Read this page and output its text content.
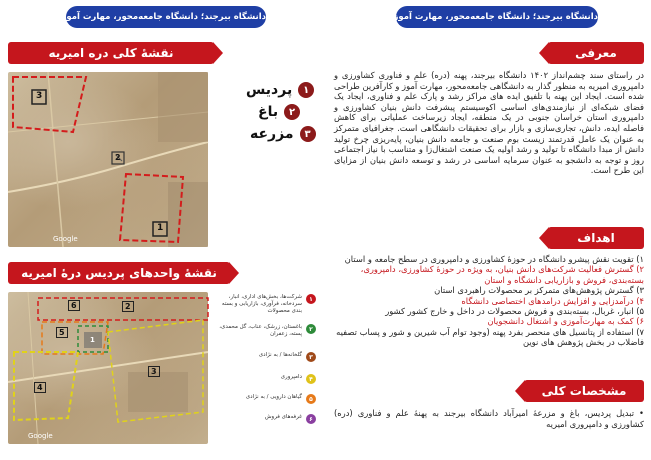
دانشگاه بیرجند؛ دانشگاه جامعه‌محور، مهارت آموز و کارآفرین	دانشگاه بیرجند؛ دانشگاه جامعه‌محور، مهارت آموز و کارآفرین
نقشۀ کلی دره امیریه
3
2
1
Google
۱
پردیس
۲
باغ
۳
مزرعه
نقشۀ واحدهای پردیس درۀ امیریه
6	2
5
1
3
4
Google
۱
شرکت‌ها، بخش‌های اداری، انبار، سردخانه، فرآوری، بازاریابی و بسته بندی محصولات
۲
باغستان، زرشک، عناب، گل محمدی، پسته، زعفران
۳
گلخانه‌ها / به نژادی
۴
دامپروری
۵
گیاهان دارویی / به نژادی
۶
غرفه‌های فروش
معرفی
در راستای سند چشم‌انداز ۱۴۰۲ دانشگاه بیرجند، پهنه (دره) علم و فناوری کشاورزی و دامپروری امیریه به منظور گذار به دانشگاهی جامعه‌محور، مهارت آموز و کارآفرین طراحی شده است. ایجاد این پهنه با تلفیق ایده های مراکز رشد و پارک علم و فناوری، ایجاد یک فضای شبکه‌ای از نیازمندی‌های اساسی اکوسیستم پیشرفت دانش بنیان کشاورزی و دامپروری استان خراسان جنوبی در یک منطقه، ایجاد زیرساخت عملیاتی برای کاهش فاصله ایده، دانش، تجاری‌سازی و بازار برای تحقیقات دانشگاهی است. جغرافیای متمرکز به عنوان یک عامل قدرتمند زیست بوم صنعت و جامعه دانش بنیان، پایه‌ریزی چرخ تولید دانش از مبدا دانشگاه تا تولید و رشد اولیه یک صنعت اشتغال‌زا و متناسب با نیاز اجتماعی روز و توجه به دانشجو به عنوان سرمایه اساسی در رشد و توسعه دانش بنیان از مزایای این طرح است.
اهداف
۱) تقویت نقش پیشرو دانشگاه در حوزۀ کشاورزی و دامپروری در سطح جامعه و استان
۲) گسترش فعالیت شرکت‌های دانش بنیان، به ویژه در حوزۀ کشاورزی، دامپروری، بسته‌بندی، فروش و بازاریابی دانشگاه و استان
۳) گسترش پژوهش‌های متمرکز بر محصولات راهبردی استان
۴) درآمدزایی و افزایش درامدهای اختصاصی دانشگاه
۵) انبار، غربال، بسته‌بندی و فروش محصولات در داخل و خارج کشور کشور
۶) کمک به مهارت‌آموزی و اشتغال دانشجویان
۷) استفاده از پتانسیل های منحصر بفرد پهنه (وجود توام آب شیرین و شور و پساب تصفیه فاضلاب در بخش پژوهش های نوین
مشخصات کلی
• تبدیل پردیس، باغ و مزرعۀ امیرآباد دانشگاه بیرجند به پهنۀ علم و فناوری (دره) کشاورزی و دامپروری امیریه
